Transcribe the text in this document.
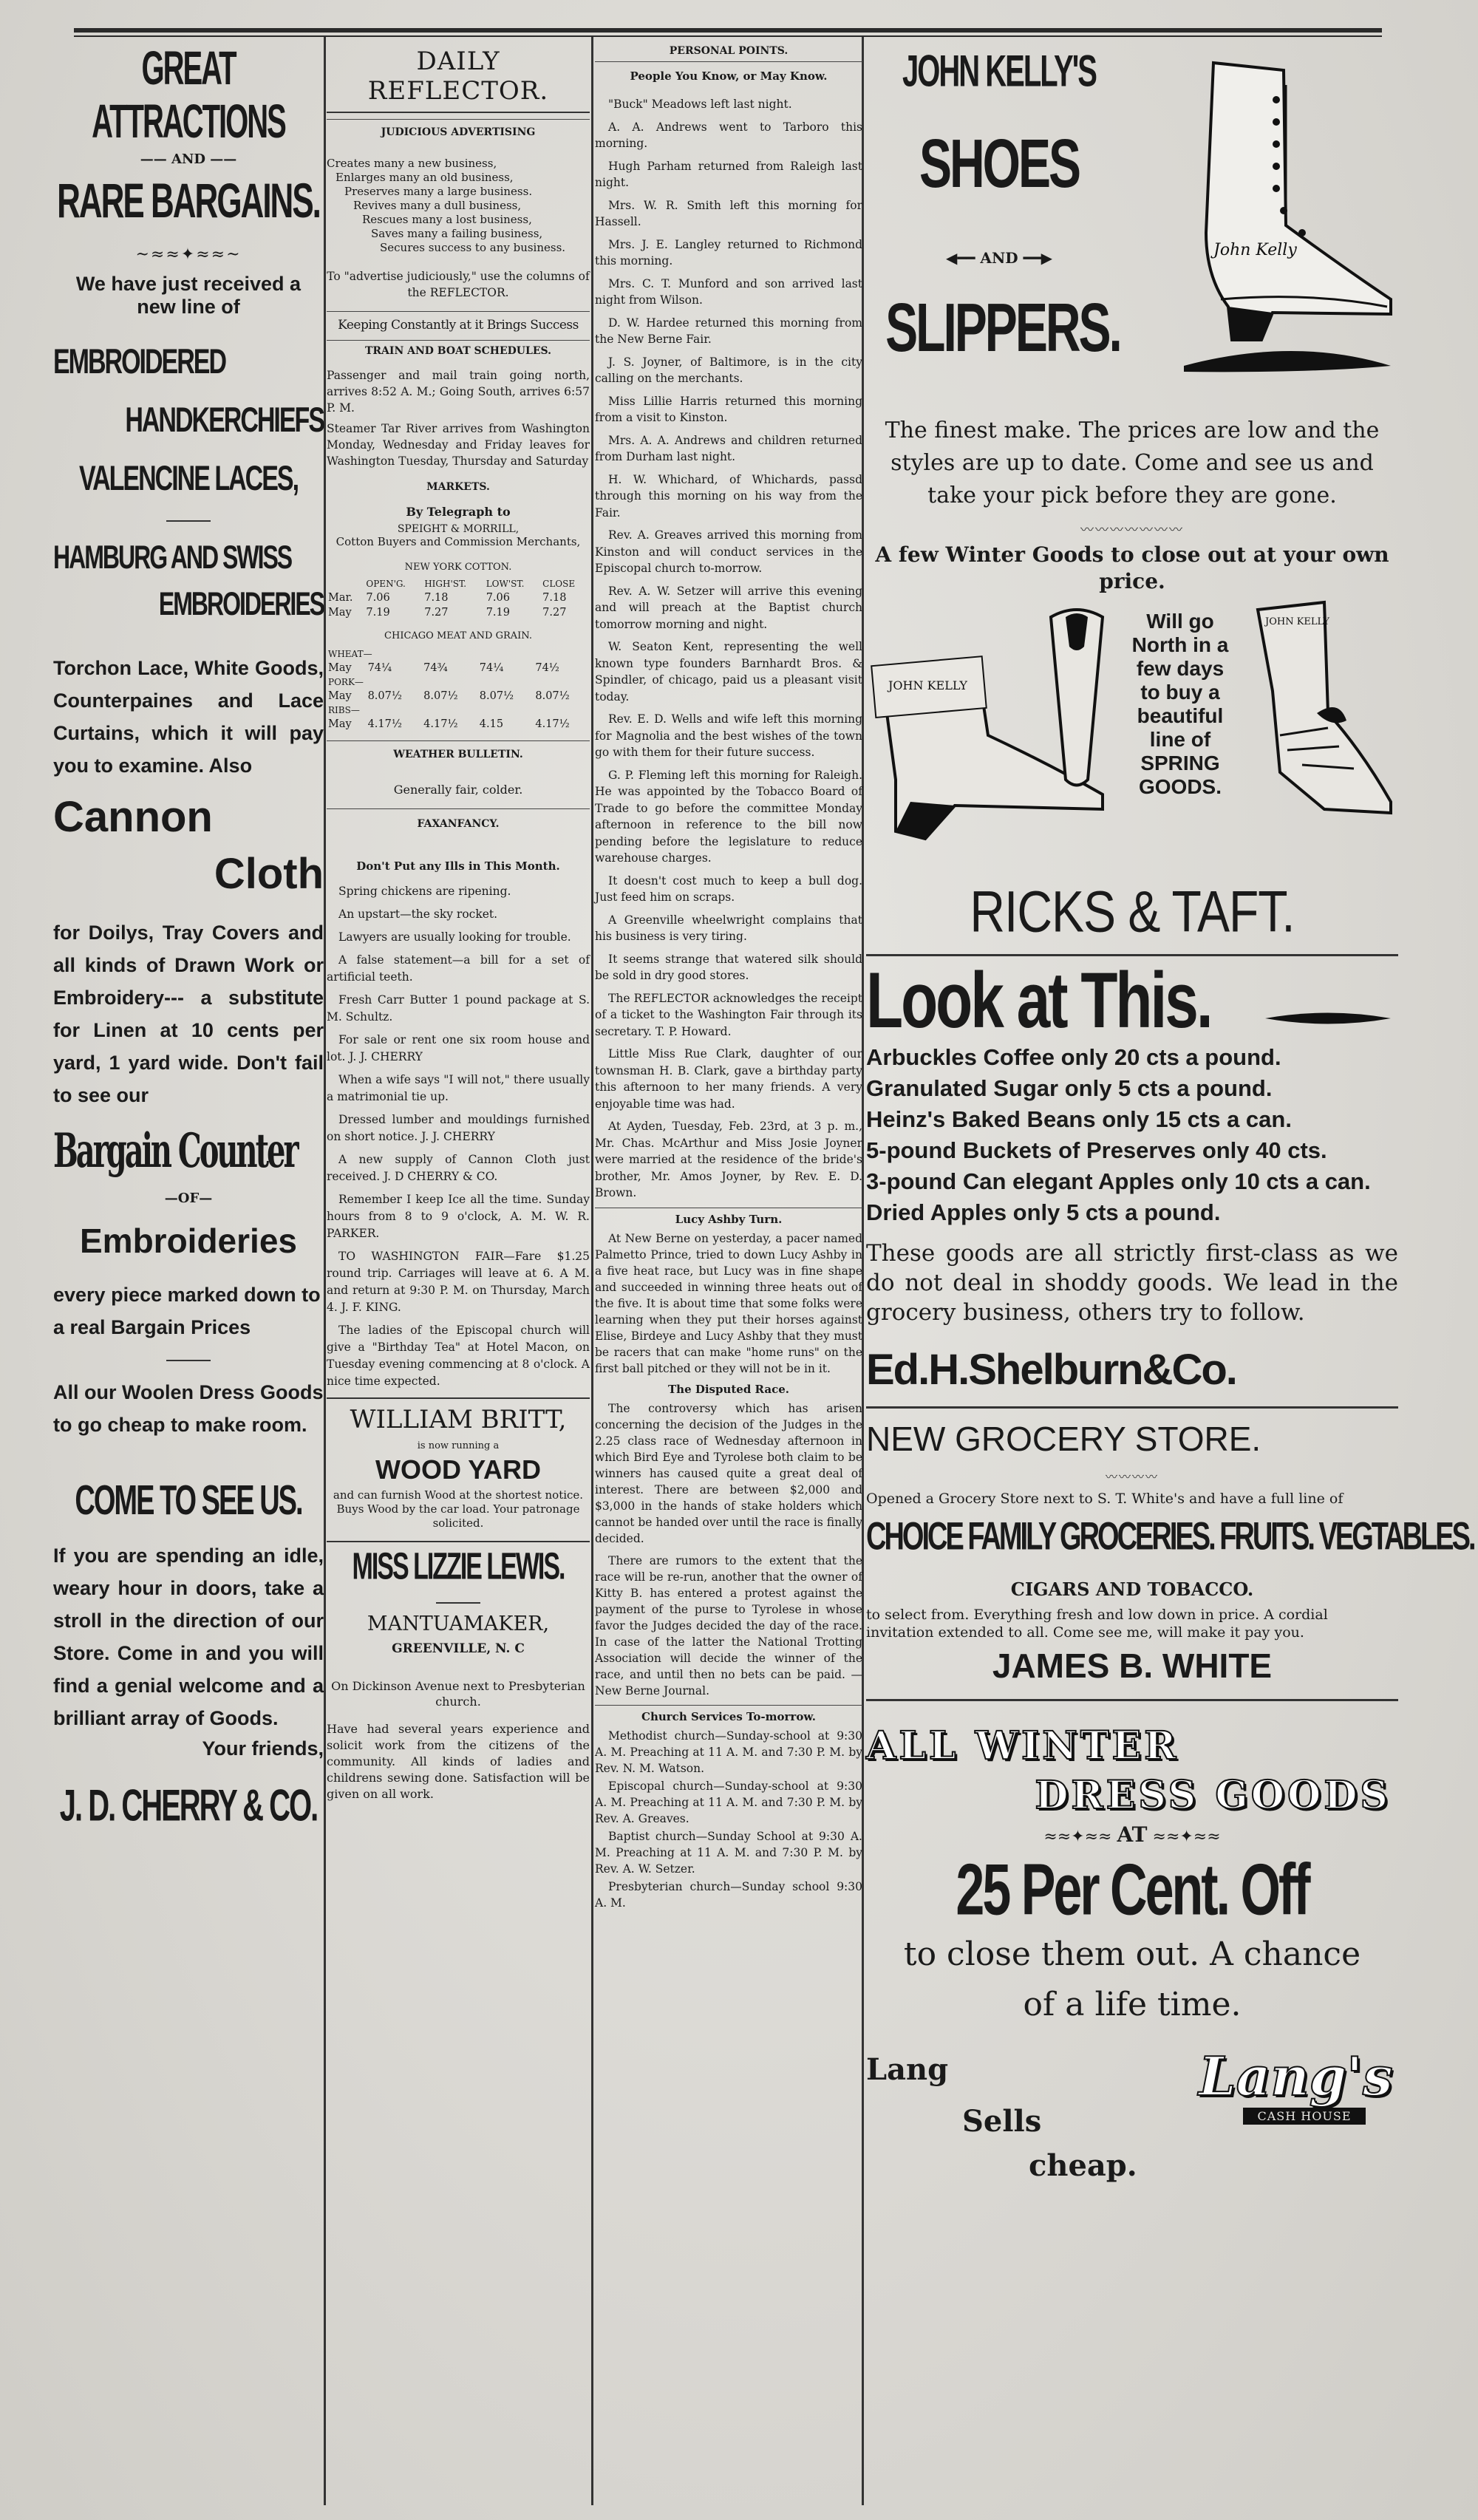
GREAT ATTRACTIONS
—— AND ——
RARE BARGAINS.
~≈≈✦≈≈~
We have just received a
new line of
EMBROIDERED
HANDKERCHIEFS
VALENCINE LACES,
HAMBURG AND SWISS
EMBROIDERIES
Torchon Lace, White Goods, Counterpaines and Lace Curtains, which it will pay you to examine. Also
Cannon
Cloth
for Doilys, Tray Covers and all kinds of Drawn Work or Embroidery--- a substitute for Linen at 10 cents per yard, 1 yard wide. Don't fail to see our
Bargain Counter
—OF—
Embroideries
every piece marked down to a real Bargain Prices
All our Woolen Dress Goods to go cheap to make room.
COME TO SEE US.
If you are spending an idle, weary hour in doors, take a stroll in the direction of our Store. Come in and you will find a genial welcome and a brilliant array of Goods.
Your friends,
J. D. CHERRY & CO.
DAILY REFLECTOR.
JUDICIOUS ADVERTISING
Creates many a new business,
Enlarges many an old business,
Preserves many a large business.
Revives many a dull business,
Rescues many a lost business,
Saves many a failing business,
Secures success to any business.
To "advertise judiciously," use the columns of the REFLECTOR.
Keeping Constantly at it Brings Success
TRAIN AND BOAT SCHEDULES.
Passenger and mail train going north, arrives 8:52 A. M.; Going South, arrives 6:57 P. M.
Steamer Tar River arrives from Washington Monday, Wednesday and Friday leaves for Washington Tuesday, Thursday and Saturday
MARKETS.
By Telegraph to
SPEIGHT & MORRILL,
Cotton Buyers and Commission Merchants,
NEW YORK COTTON.
	OPEN'G.	HIGH'ST.	LOW'ST.	CLOSE
Mar.	7.06	7.18	7.06	7.18
May	7.19	7.27	7.19	7.27
CHICAGO MEAT AND GRAIN.
WHEAT—				
May	74¼	74¾	74¼	74½
PORK—				
May	8.07½	8.07½	8.07½	8.07½
RIBS—				
May	4.17½	4.17½	4.15	4.17½
WEATHER BULLETIN.
Generally fair, colder.
FAXANFANCY.
Don't Put any Ills in This Month.
Spring chickens are ripening.
An upstart—the sky rocket.
Lawyers are usually looking for trouble.
A false statement—a bill for a set of artificial teeth.
Fresh Carr Butter 1 pound package at S. M. Schultz.
For sale or rent one six room house and lot. J. J. CHERRY
When a wife says "I will not," there usually a matrimonial tie up.
Dressed lumber and mouldings furnished on short notice. J. J. CHERRY
A new supply of Cannon Cloth just received. J. D CHERRY & CO.
Remember I keep Ice all the time. Sunday hours from 8 to 9 o'clock, A. M. W. R. PARKER.
TO WASHINGTON FAIR—Fare $1.25 round trip. Carriages will leave at 6. A M. and return at 9:30 P. M. on Thursday, March 4. J. F. KING.
The ladies of the Episcopal church will give a "Birthday Tea" at Hotel Macon, on Tuesday evening commencing at 8 o'clock. A nice time expected.
WILLIAM BRITT,
is now running a
WOOD YARD
and can furnish Wood at the shortest notice. Buys Wood by the car load. Your patronage solicited.
MISS LIZZIE LEWIS.
MANTUAMAKER,
GREENVILLE, N. C
On Dickinson Avenue next to Presbyterian church.
Have had several years experience and solicit work from the citizens of the community. All kinds of ladies and childrens sewing done. Satisfaction will be given on all work.
PERSONAL POINTS.
People You Know, or May Know.
"Buck" Meadows left last night.
A. A. Andrews went to Tarboro this morning.
Hugh Parham returned from Raleigh last night.
Mrs. W. R. Smith left this morning for Hassell.
Mrs. J. E. Langley returned to Richmond this morning.
Mrs. C. T. Munford and son arrived last night from Wilson.
D. W. Hardee returned this morning from the New Berne Fair.
J. S. Joyner, of Baltimore, is in the city calling on the merchants.
Miss Lillie Harris returned this morning from a visit to Kinston.
Mrs. A. A. Andrews and children returned from Durham last night.
H. W. Whichard, of Whichards, passd through this morning on his way from the Fair.
Rev. A. Greaves arrived this morning from Kinston and will conduct services in the Episcopal church to-morrow.
Rev. A. W. Setzer will arrive this evening and will preach at the Baptist church tomorrow morning and night.
W. Seaton Kent, representing the well known type founders Barnhardt Bros. & Spindler, of chicago, paid us a pleasant visit today.
Rev. E. D. Wells and wife left this morning for Magnolia and the best wishes of the town go with them for their future success.
G. P. Fleming left this morning for Raleigh. He was appointed by the Tobacco Board of Trade to go before the committee Monday afternoon in reference to the bill now pending before the legislature to reduce warehouse charges.
It doesn't cost much to keep a bull dog. Just feed him on scraps.
A Greenville wheelwright complains that his business is very tiring.
It seems strange that watered silk should be sold in dry good stores.
The REFLECTOR acknowledges the receipt of a ticket to the Washington Fair through its secretary. T. P. Howard.
Little Miss Rue Clark, daughter of our townsman H. B. Clark, gave a birthday party this afternoon to her many friends. A very enjoyable time was had.
At Ayden, Tuesday, Feb. 23rd, at 3 p. m., Mr. Chas. McArthur and Miss Josie Joyner were married at the residence of the bride's brother, Mr. Amos Joyner, by Rev. E. D. Brown.
Lucy Ashby Turn.
At New Berne on yesterday, a pacer named Palmetto Prince, tried to down Lucy Ashby in a five heat race, but Lucy was in fine shape and succeeded in winning three heats out of the five. It is about time that some folks were learning when they put their horses against Elise, Birdeye and Lucy Ashby that they must be racers that can make "home runs" on the first ball pitched or they will not be in it.
The Disputed Race.
The controversy which has arisen concerning the decision of the Judges in the 2.25 class race of Wednesday afternoon in which Bird Eye and Tyrolese both claim to be winners has caused quite a great deal of interest. There are between $2,000 and $3,000 in the hands of stake holders which cannot be handed over until the race is finally decided.
There are rumors to the extent that the race will be re-run, another that the owner of Kitty B. has entered a protest against the payment of the purse to Tyrolese in whose favor the Judges decided the day of the race. In case of the latter the National Trotting Association will decide the winner of the race, and until then no bets can be paid. —New Berne Journal.
Church Services To-morrow.
Methodist church—Sunday-school at 9:30 A. M. Preaching at 11 A. M. and 7:30 P. M. by Rev. N. M. Watson.
Episcopal church—Sunday-school at 9:30 A. M. Preaching at 11 A. M. and 7:30 P. M. by Rev. A. Greaves.
Baptist church—Sunday School at 9:30 A. M. Preaching at 11 A. M. and 7:30 P. M. by Rev. A. W. Setzer.
Presbyterian church—Sunday school 9:30 A. M.
JOHN KELLY'S
SHOES
◀━━ AND ━━▶
SLIPPERS.
John Kelly
The finest make. The prices are low and the styles are up to date. Come and see us and take your pick before they are gone.
〰〰〰〰〰〰〰
A few Winter Goods to close out at your own price.
JOHN KELLY
Will go North in a few days to buy a beautiful line of SPRING GOODS.
JOHN KELLY
RICKS & TAFT.
Look at This.
Arbuckles Coffee only 20 cts a pound.
Granulated Sugar only 5 cts a pound.
Heinz's Baked Beans only 15 cts a can.
5-pound Buckets of Preserves only 40 cts.
3-pound Can elegant Apples only 10 cts a can.
Dried Apples only 5 cts a pound.
These goods are all strictly first-class as we do not deal in shoddy goods. We lead in the grocery business, others try to follow.
Ed.H.Shelburn&Co.
NEW GROCERY STORE.
〰〰〰〰
Opened a Grocery Store next to S. T. White's and have a full line of
CHOICE FAMILY GROCERIES. FRUITS. VEGTABLES.
CIGARS AND TOBACCO.
to select from. Everything fresh and low down in price. A cordial invitation extended to all. Come see me, will make it pay you.
JAMES B. WHITE
ALL WINTER
DRESS GOODS
≈≈✦≈≈ AT ≈≈✦≈≈
25 Per Cent. Off
to close them out. A chance of a life time.
Lang
Sells
cheap.
Lang's
CASH HOUSE
